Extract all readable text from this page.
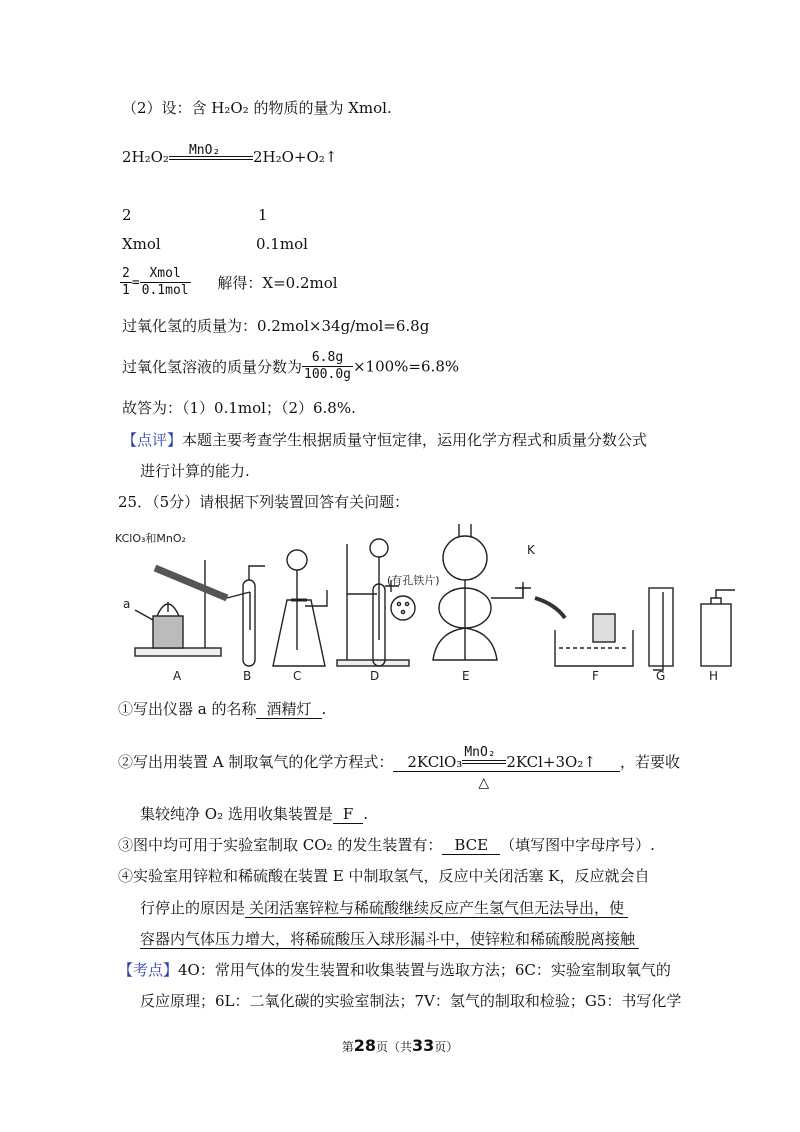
（2）设：含 H₂O₂ 的物质的量为 Xmol.
2H₂O₂ MnO₂ 2H₂O+O₂↑
2	1
Xmol	0.1mol
$\frac{2}{1} = \frac{\text{Xmol}}{\text{0.1mol}}$ 解得：X=0.2mol
过氧化氢的质量为：0.2mol×34g/mol=6.8g
过氧化氢溶液的质量分数为 $\frac{6.8g}{100.0g} \times 100\%=6.8\%$
故答为：（1）0.1mol；（2）6.8%.
【点评】本题主要考查学生根据质量守恒定律，运用化学方程式和质量分数公式
进行计算的能力.
25．（5分）请根据下列装置回答有关问题：
KClO₃和MnO₂
a
K
(有孔铁片)
A	B	C	D	E	F	G	H
①写出仪器 a 的名称 酒精灯 .
②写出用装置 A 制取氧气的化学方程式： 2KClO₃
MnO₂
△
2KCl+3O₂↑ ，若要收
集较纯净 O₂ 选用收集装置是 F .
③图中均可用于实验室制取 CO₂ 的发生装置有： BCE （填写图中字母序号）.
④实验室用锌粒和稀硫酸在装置 E 中制取氢气，反应中关闭活塞 K，反应就会自
行停止的原因是 关闭活塞锌粒与稀硫酸继续反应产生氢气但无法导出，使
容器内气体压力增大，将稀硫酸压入球形漏斗中，使锌粒和稀硫酸脱离接触
【考点】4O：常用气体的发生装置和收集装置与选取方法；6C：实验室制取氧气的
反应原理；6L：二氧化碳的实验室制法；7V：氢气的制取和检验；G5：书写化学
第28页（共33页）
